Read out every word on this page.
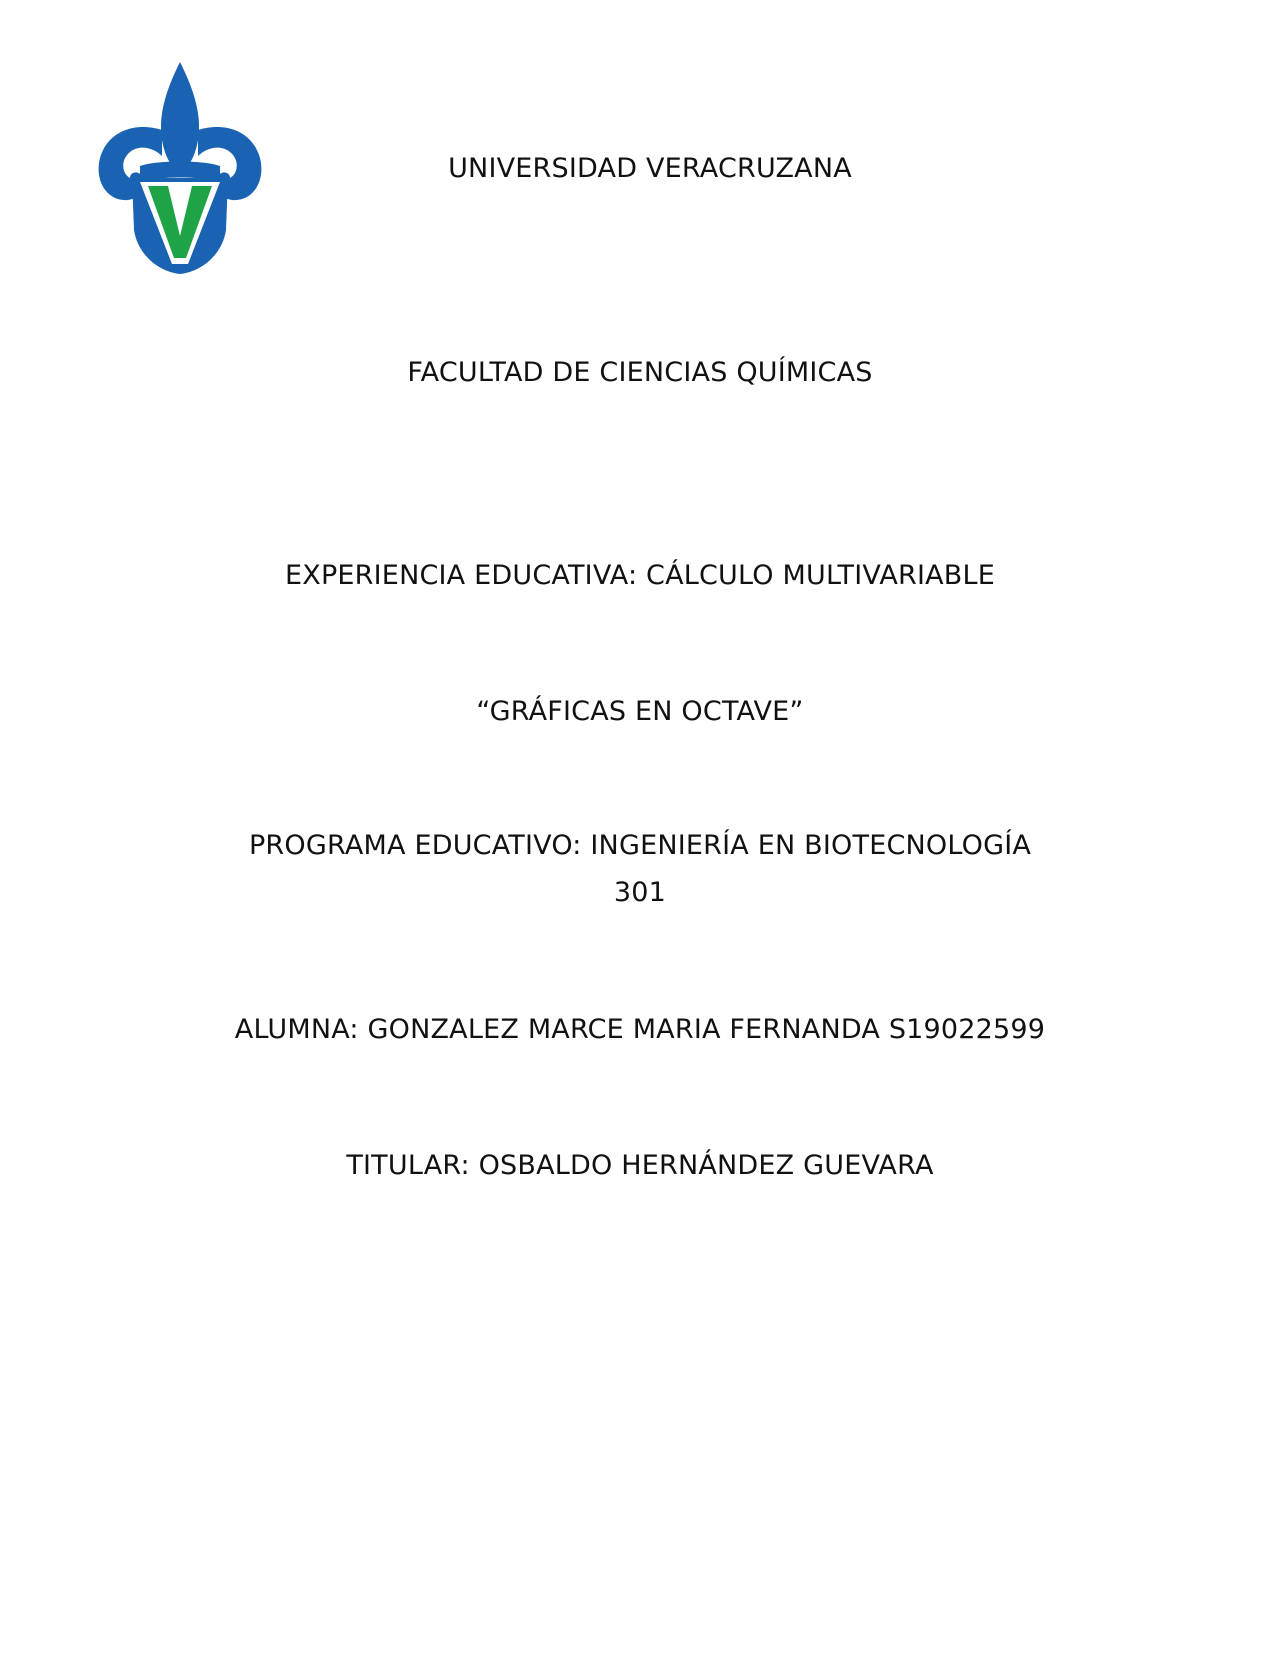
UNIVERSIDAD VERACRUZANA
FACULTAD DE CIENCIAS QUÍMICAS
EXPERIENCIA EDUCATIVA: CÁLCULO MULTIVARIABLE
“GRÁFICAS EN OCTAVE”
PROGRAMA EDUCATIVO: INGENIERÍA EN BIOTECNOLOGÍA
301
ALUMNA: GONZALEZ MARCE MARIA FERNANDA S19022599
TITULAR: OSBALDO HERNÁNDEZ GUEVARA
